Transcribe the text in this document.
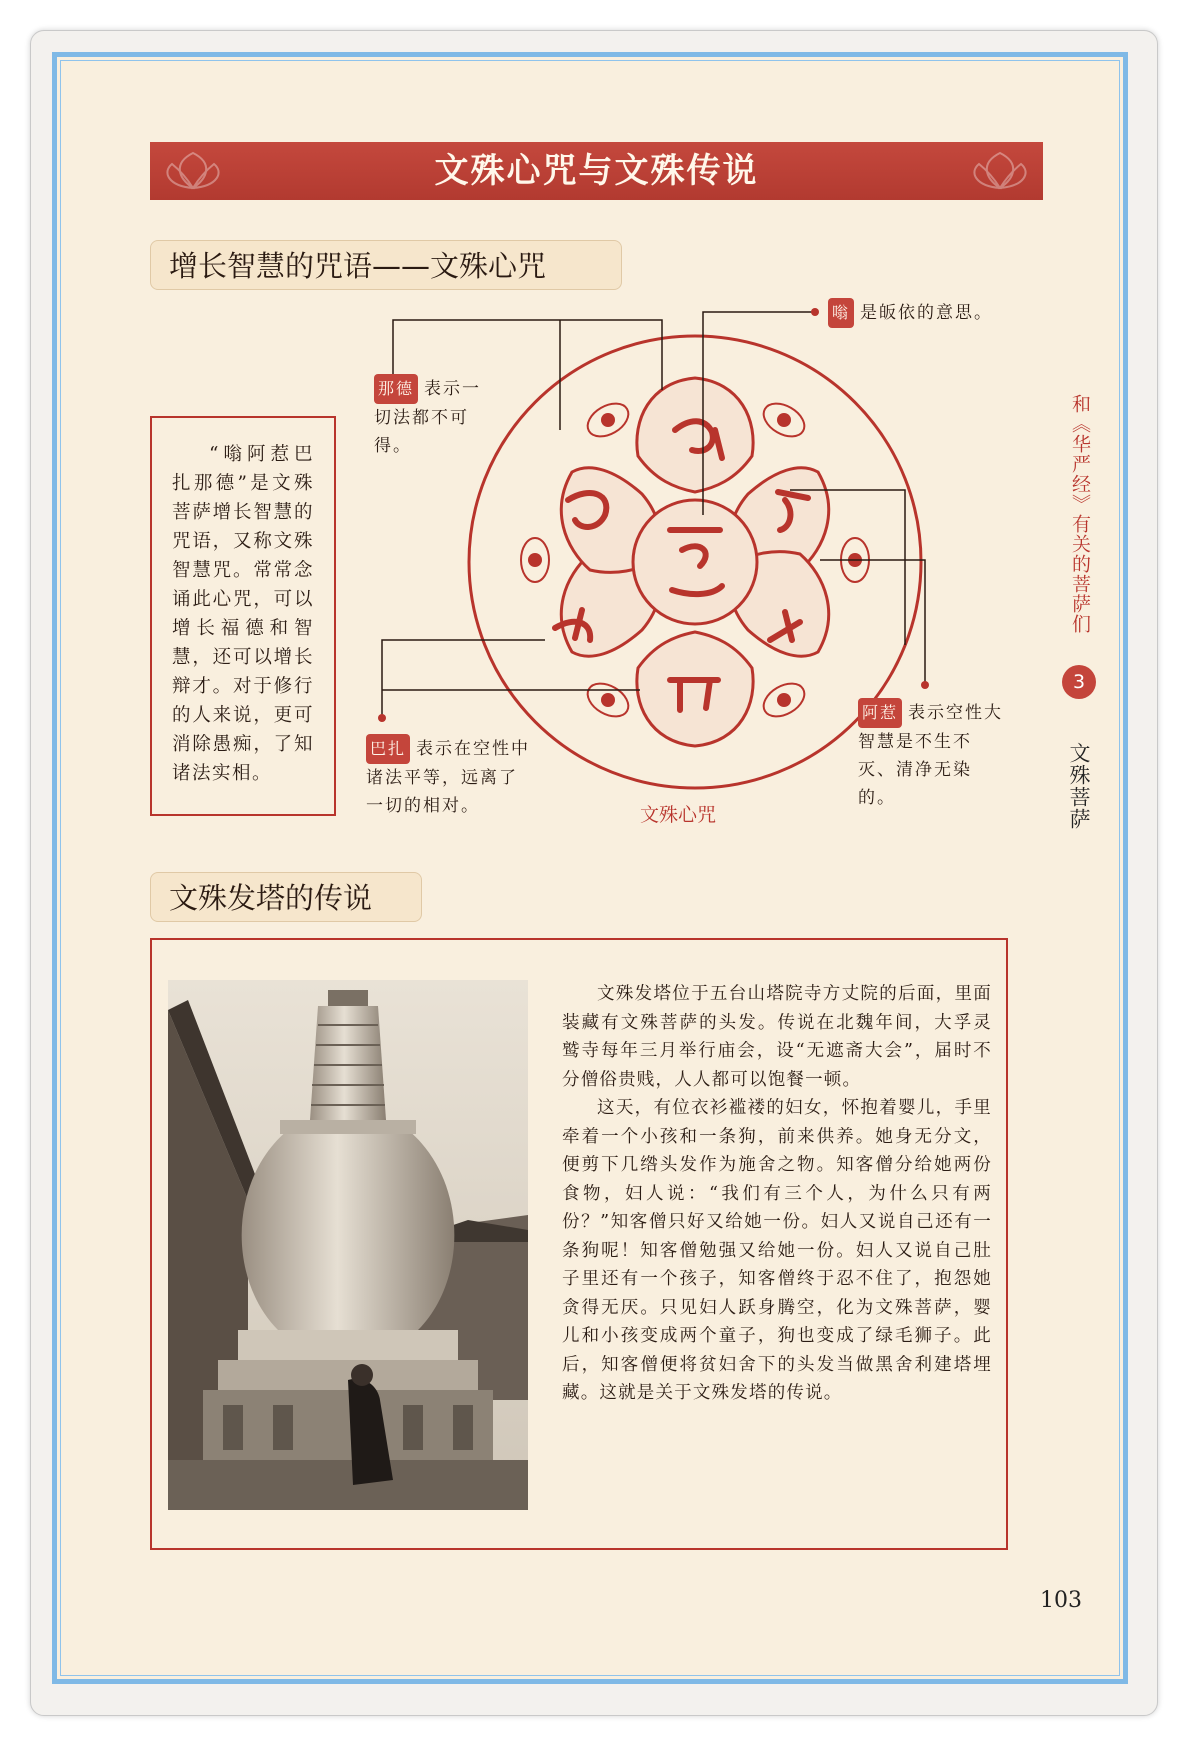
文殊心咒与文殊传说
增长智慧的咒语——文殊心咒
“嗡阿惹巴扎那德”是文殊菩萨增长智慧的咒语，又称文殊智慧咒。常常念诵此心咒，可以增长福德和智慧，还可以增长辩才。对于修行的人来说，更可消除愚痴，了知诸法实相。
嗡 是皈依的意思。
那德 表示一切法都不可得。
阿惹 表示空性大智慧是不生不灭、清净无染的。
巴扎 表示在空性中诸法平等，远离了一切的相对。	文殊心咒
和《华严经》有关的菩萨们
3
文殊菩萨
文殊发塔的传说

文殊发塔位于五台山塔院寺方丈院的后面，里面装藏有文殊菩萨的头发。传说在北魏年间，大孚灵鹫寺每年三月举行庙会，设“无遮斋大会”，届时不分僧俗贵贱，人人都可以饱餐一顿。

这天，有位衣衫褴褛的妇女，怀抱着婴儿，手里牵着一个小孩和一条狗，前来供养。她身无分文，便剪下几绺头发作为施舍之物。知客僧分给她两份食物，妇人说：“我们有三个人，为什么只有两份？”知客僧只好又给她一份。妇人又说自己还有一条狗呢！知客僧勉强又给她一份。妇人又说自己肚子里还有一个孩子，知客僧终于忍不住了，抱怨她贪得无厌。只见妇人跃身腾空，化为文殊菩萨，婴儿和小孩变成两个童子，狗也变成了绿毛狮子。此后，知客僧便将贫妇舍下的头发当做黑舍利建塔埋藏。这就是关于文殊发塔的传说。

103
